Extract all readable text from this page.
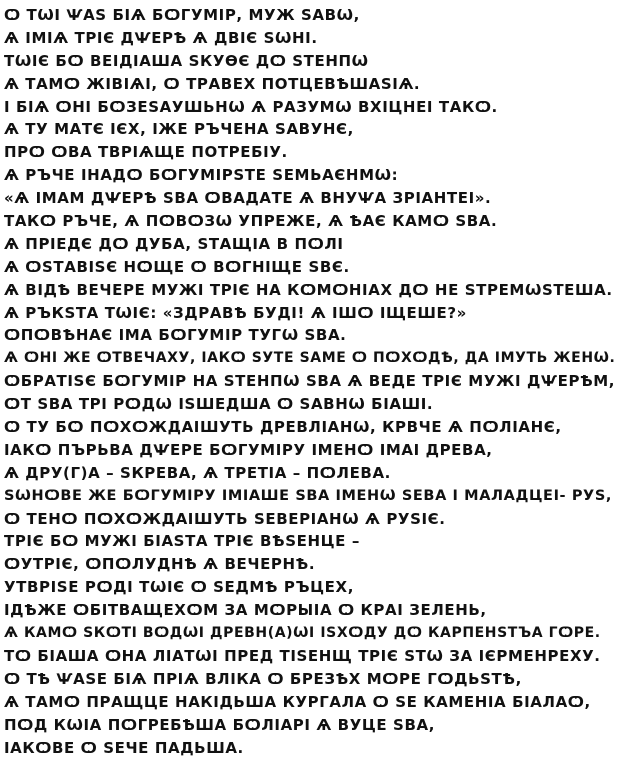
Ѻ ТѠІ ѰАЅ БІѦ БѺГУМІР, МУЖ ЅАВѠ,
Ѧ ІМІѦ ТРІЄ ДѰЕРѢ Ѧ ДВІЄ ЅѠНІ.
ТѠІЄ БѺ ВЕІДІАША ЅКУѲЄ ДѺ ЅТЕНПѠ
Ѧ ТАМѺ ЖІВІѦІ, Ѻ ТРАВЕХ ПОТЦЕВѢШАЅІѦ.
І БІѦ ѺНІ БѺЗЕЅАУШЬНѠ Ѧ РАЗУМѠ ВХІЦНЕІ ТАКѺ.
Ѧ ТУ МАТЄ ІЄХ, ІЖЕ РЪЧЕНА ЅАВУНЄ,
ПРѺ ѺВА ТВРІѦЩЕ ПОТРЕБІУ.
Ѧ РЪЧЕ ІНАДѺ БѺГУМІРЅТЕ ЅЕМЬАЄНМѠ:
«Ѧ ІМАМ ДѰЕРѢ ЅВА ѺВАДАТЕ Ѧ ВНУѰА ЗРІАНТЕІ».
ТАКѺ РЪЧЕ, Ѧ ПѺВѺЗѠ УПРЕЖЕ, Ѧ ѢАЄ КАМѺ ЅВА.
Ѧ ПРІЕДЄ ДѺ ДУБА, ЅТАЩІА В ПѺЛІ
Ѧ ѺЅТАВІЅЄ НѺЩЕ Ѻ ВѺГНІЩЕ ЅВЄ.
Ѧ ВІДѢ ВЕЧЕРЕ МУЖІ ТРІЄ НА КѺМѺНІАХ ДѺ НЕ ЅТРЕМѠЅТЕША.
Ѧ РЪКЅТА ТѠІЄ: «ЗДРАВѢ БУДІ! Ѧ ІШѺ ІЩЕШЕ?»
ѺПѺВѢНАЄ ІМА БѺГУМІР ТУГѠ ЅВА.
Ѧ ѺНІ ЖЕ ѺТВЕЧАХУ, ІАКѺ ЅУТЕ ЅАМЕ Ѻ ПѺХѺДѢ, ДА ІМУТЬ ЖЕНѠ.
ѺБРАТІЅЄ БѺГУМІР НА ЅТЕНПѠ ЅВА Ѧ ВЕДЕ ТРІЄ МУЖІ ДѰЕРѢМ,
ѺТ ЅВА ТРІ РѺДѠ ІЅШЕДША Ѻ ЅАВНѠ БІАШІ.
Ѻ ТУ БѺ ПѺХѺЖДАІШУТЬ ДРЕВЛІАНѠ, КРВЧЕ Ѧ ПѺЛІАНЄ,
ІАКѺ ПЪРЬВА ДѰЕРЕ БѺГУМІРУ ІМЕНѺ ІМАІ ДРЕВА,
Ѧ ДРУ(Г)А – ЅКРЕВА, Ѧ ТРЕТІА – ПѺЛЕВА.
ЅѠНѺВЕ ЖЕ БѺГУМІРУ ІМІАШЕ ЅВА ІМЕНѠ ЅЕВА І МАЛАДЦЕІ- РУЅ,
Ѻ ТЕНѺ ПѺХѺЖДАІШУТЬ ЅЕВЕРІАНѠ Ѧ РУЅІЄ.
ТРІЄ БѺ МУЖІ БІАЅТА ТРІЄ ВѢЅЕНЦЕ –
ѺУТРІЄ, ѺПѺЛУДНѢ Ѧ ВЕЧЕРНѢ.
УТВРІЅЕ РѺДІ ТѠІЄ Ѻ ЅЕДМѢ РЪЦЕХ,
ІДѢЖЕ ѺБІТВАЩЕХѺМ ЗА МѺРЫІА Ѻ КРАІ ЗЕЛЕНЬ,
Ѧ КАМѺ ЅКѺТІ ВѺДѠІ ДРЕВН(А)ѠІ ІЅХѺДУ ДѺ КАРПЕНЅТЪА ГѺРЕ.
ТѺ БІАША ѺНА ЛІАТѠІ ПРЕД ТІЅЕНЩ ТРІЄ ЅТѠ ЗА ІЄРМЕНРЕХУ.
Ѻ ТѢ ѰАЅЕ БІѦ ПРІѦ ВЛІКА Ѻ БРЕЗѢХ МѺРЕ ГѺДЬЅТѢ,
Ѧ ТАМѺ ПРАЩЦЕ НАКІДЬША КУРГАЛА Ѻ ЅЕ КАМЕНІА БІАЛАѺ,
ПѺД КѠІА ПѺГРЕБѢША БѺЛІАРІ Ѧ ВУЦЕ ЅВА,
ІАКѺВЕ Ѻ ЅЕЧЕ ПАДЬША.
